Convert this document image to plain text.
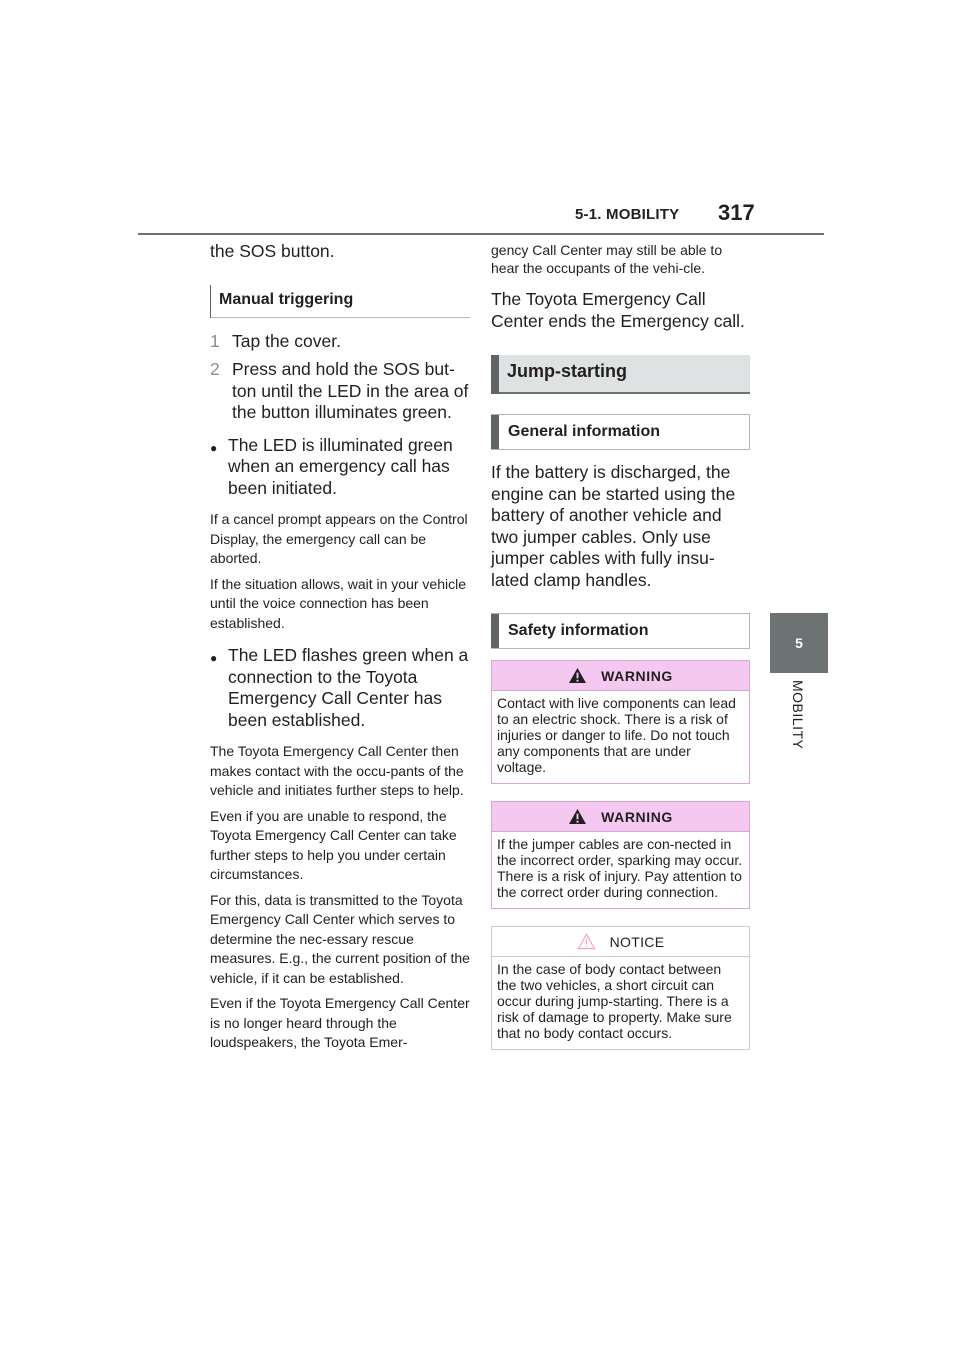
5-1. MOBILITY 317
5
MOBILITY

the SOS button.

Manual triggering
1 Tap the cover.
2 Press and hold the SOS but-ton until the LED in the area of the button illuminates green.
● The LED is illuminated green when an emergency call has been initiated.

If a cancel prompt appears on the Control Display, the emergency call can be aborted.

If the situation allows, wait in your vehicle until the voice connection has been established.

● The LED flashes green when a connection to the Toyota Emergency Call Center has been established.

The Toyota Emergency Call Center then makes contact with the occu-pants of the vehicle and initiates further steps to help.

Even if you are unable to respond, the Toyota Emergency Call Center can take further steps to help you under certain circumstances.

For this, data is transmitted to the Toyota Emergency Call Center which serves to determine the nec-essary rescue measures. E.g., the current position of the vehicle, if it can be established.

Even if the Toyota Emergency Call Center is no longer heard through the loudspeakers, the Toyota Emer-

gency Call Center may still be able to hear the occupants of the vehi-cle.

The Toyota Emergency Call Center ends the Emergency call.

Jump-starting
General information

If the battery is discharged, the engine can be started using the battery of another vehicle and two jumper cables. Only use jumper cables with fully insu-lated clamp handles.

Safety information
WARNING
Contact with live components can lead to an electric shock. There is a risk of injuries or danger to life. Do not touch any components that are under voltage.
WARNING
If the jumper cables are con-nected in the incorrect order, sparking may occur. There is a risk of injury. Pay attention to the correct order during connection.
NOTICE
In the case of body contact between the two vehicles, a short circuit can occur during jump-starting. There is a risk of damage to property. Make sure that no body contact occurs.
